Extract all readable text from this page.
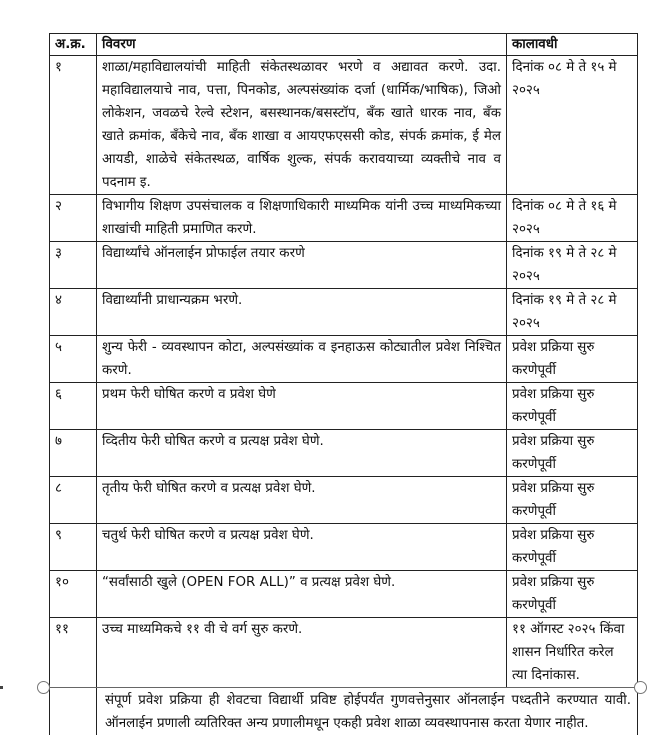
अ.क्र.	विवरण	कालावधी
१	शाळा/महाविद्यालयांची माहिती संकेतस्थळावर भरणे व अद्यावत करणे. उदा. महाविद्यालयाचे नाव, पत्ता, पिनकोड, अल्पसंख्यांक दर्जा (धार्मिक/भाषिक), जिओ लोकेशन, जवळचे रेल्वे स्टेशन, बसस्थानक/बसस्टॉप, बँक खाते धारक नाव, बँक खाते क्रमांक, बँकेचे नाव, बँक शाखा व आयएफएससी कोड, संपर्क क्रमांक, ई मेल आयडी, शाळेचे संकेतस्थळ, वार्षिक शुल्क, संपर्क करावयाच्या व्यक्तीचे नाव व पदनाम इ.	दिनांक ०८ मे ते १५ मे २०२५
२	विभागीय शिक्षण उपसंचालक व शिक्षणाधिकारी माध्यमिक यांनी उच्च माध्यमिकच्या शाखांची माहिती प्रमाणित करणे.	दिनांक ०८ मे ते १६ मे २०२५
३	विद्यार्थ्यांचे ऑनलाईन प्रोफाईल तयार करणे	दिनांक १९ मे ते २८ मे २०२५
४	विद्यार्थ्यांनी प्राधान्यक्रम भरणे.	दिनांक १९ मे ते २८ मे २०२५
५	शुन्य फेरी - व्यवस्थापन कोटा, अल्पसंख्यांक व इनहाऊस कोट्यातील प्रवेश निश्चित करणे.	प्रवेश प्रक्रिया सुरु करणेपूर्वी
६	प्रथम फेरी घोषित करणे व प्रवेश घेणे	प्रवेश प्रक्रिया सुरु करणेपूर्वी
७	व्दितीय फेरी घोषित करणे व प्रत्यक्ष प्रवेश घेणे.	प्रवेश प्रक्रिया सुरु करणेपूर्वी
८	तृतीय फेरी घोषित करणे व प्रत्यक्ष प्रवेश घेणे.	प्रवेश प्रक्रिया सुरु करणेपूर्वी
९	चतुर्थ फेरी घोषित करणे व प्रत्यक्ष प्रवेश घेणे.	प्रवेश प्रक्रिया सुरु करणेपूर्वी
१०	“सर्वांसाठी खुले (OPEN FOR ALL)” व प्रत्यक्ष प्रवेश घेणे.	प्रवेश प्रक्रिया सुरु करणेपूर्वी
११	उच्च माध्यमिकचे ११ वी चे वर्ग सुरु करणे.	११ ऑगस्ट २०२५ किंवा शासन निर्धारित करेल त्या दिनांकास.
	संपूर्ण प्रवेश प्रक्रिया ही शेवटचा विद्यार्थी प्रविष्ट होईपर्यंत गुणवत्तेनुसार ऑनलाईन पध्दतीने करण्यात यावी. ऑनलाईन प्रणाली व्यतिरिक्त अन्य प्रणालीमधून एकही प्रवेश शाळा व्यवस्थापनास करता येणार नाहीत.	
